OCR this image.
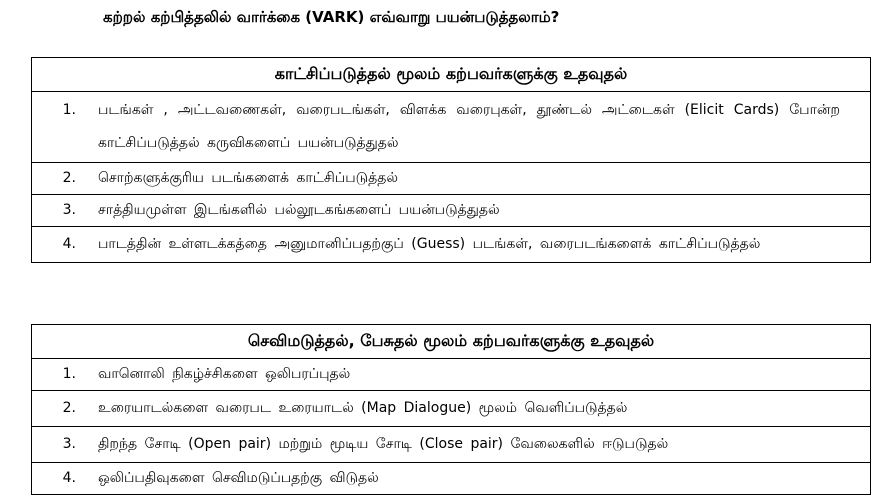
கற்றல் கற்பித்தலில் வார்க்கை (VARK) எவ்வாறு பயன்படுத்தலாம்?
காட்சிப்படுத்தல் மூலம் கற்பவர்களுக்கு உதவுதல்

1.	படங்கள் , அட்டவணைகள், வரைபடங்கள், விளக்க வரைபுகள், தூண்டல் அட்டைகள் (Elicit Cards) போன்ற காட்சிப்படுத்தல் கருவிகளைப் பயன்படுத்துதல்

2.	சொற்களுக்குரிய படங்களைக் காட்சிப்படுத்தல்

3.	சாத்தியமுள்ள இடங்களில் பல்லூடகங்களைப் பயன்படுத்துதல்

4.	பாடத்தின் உள்ளடக்கத்தை அனுமானிப்பதற்குப் (Guess) படங்கள், வரைபடங்களைக் காட்சிப்படுத்தல்
செவிமடுத்தல், பேசுதல் மூலம் கற்பவர்களுக்கு உதவுதல்

1.	வானொலி நிகழ்ச்சிகளை ஒலிபரப்புதல்

2.	உரையாடல்களை வரைபட உரையாடல் (Map Dialogue) மூலம் வெளிப்படுத்தல்

3.	திறந்த சோடி (Open pair) மற்றும் மூடிய சோடி (Close pair) வேலைகளில் ஈடுபடுதல்

4.	ஒலிப்பதிவுகளை செவிமடுப்பதற்கு விடுதல்
